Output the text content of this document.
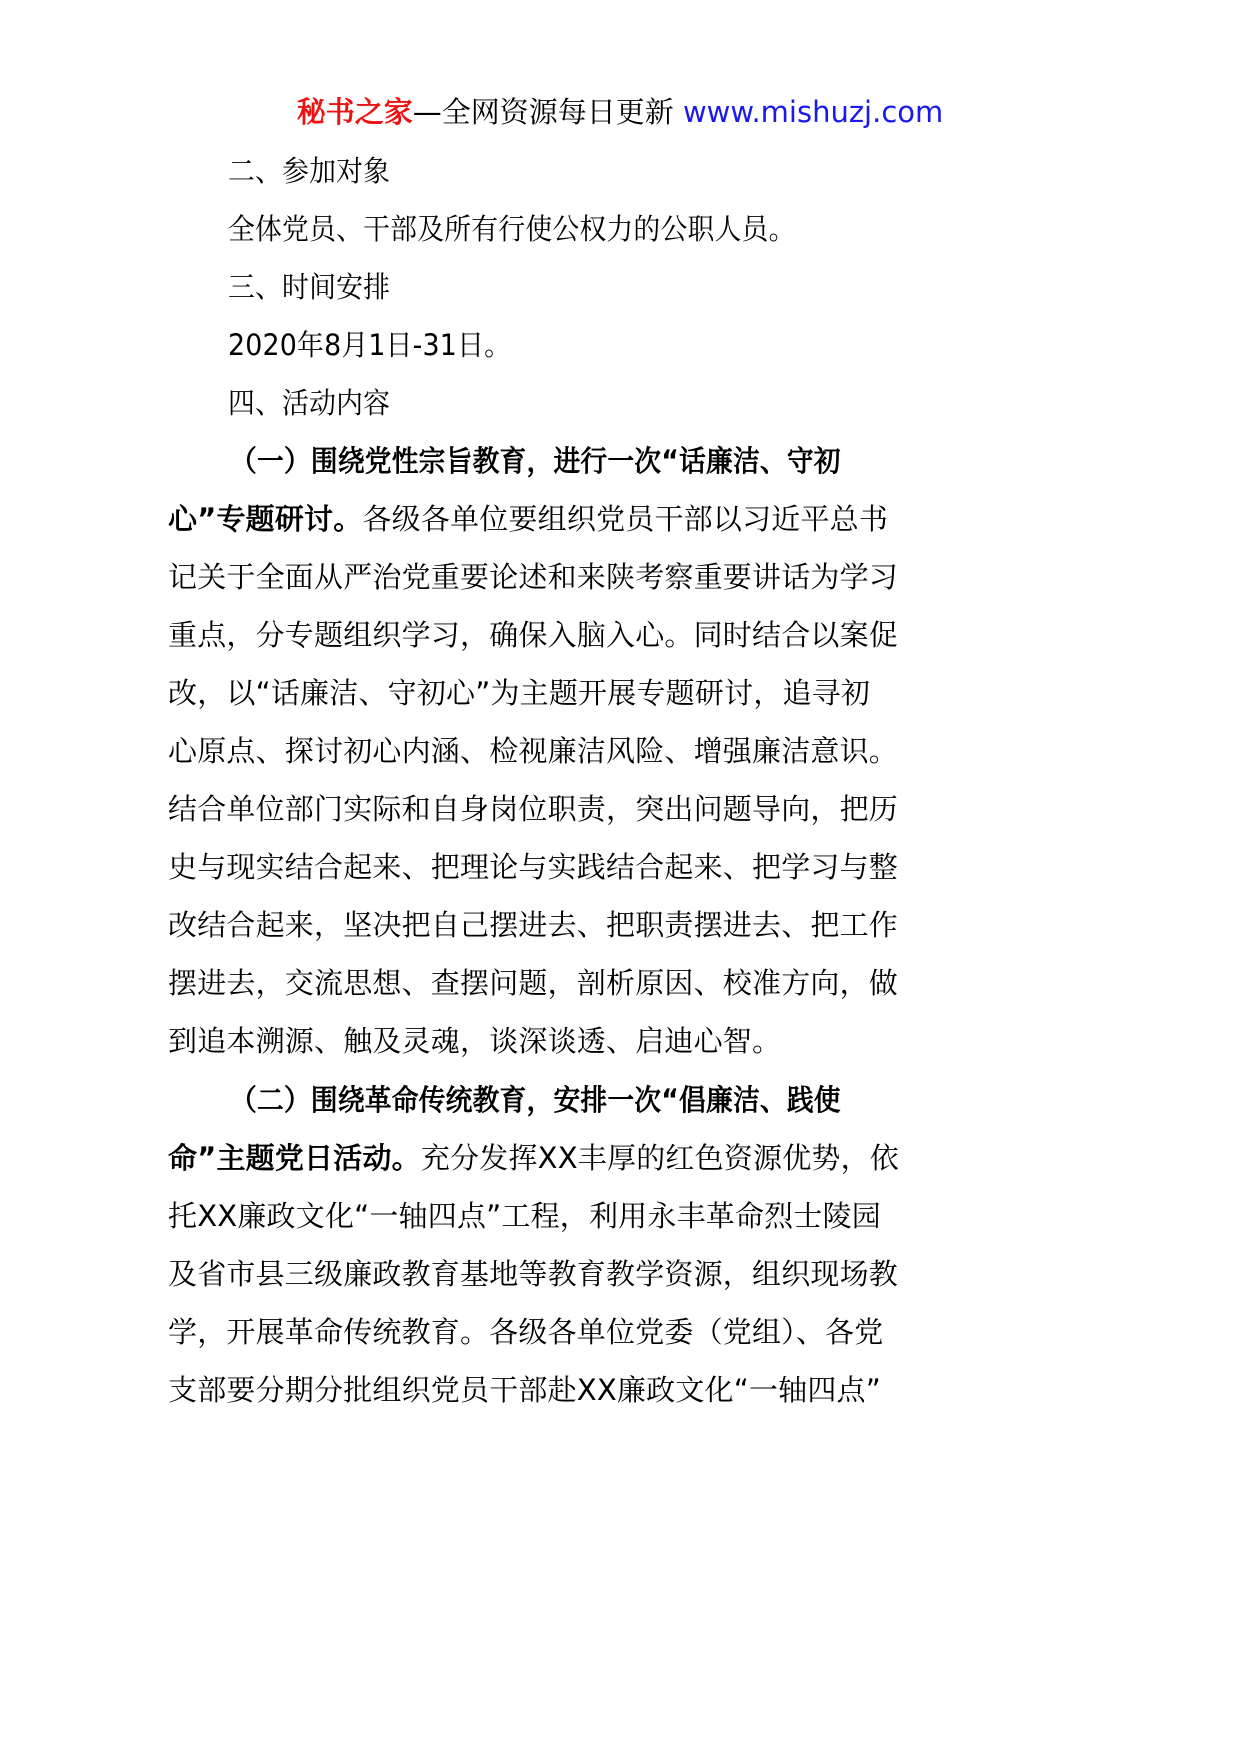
秘书之家—全网资源每日更新 www.mishuzj.com
二、参加对象
全体党员、干部及所有行使公权力的公职人员。
三、时间安排
2020年8月1日-31日。
四、活动内容
（一）围绕党性宗旨教育，进行一次“话廉洁、守初
心”专题研讨。各级各单位要组织党员干部以习近平总书
记关于全面从严治党重要论述和来陕考察重要讲话为学习
重点，分专题组织学习，确保入脑入心。同时结合以案促
改，以“话廉洁、守初心”为主题开展专题研讨，追寻初
心原点、探讨初心内涵、检视廉洁风险、增强廉洁意识。
结合单位部门实际和自身岗位职责，突出问题导向，把历
史与现实结合起来、把理论与实践结合起来、把学习与整
改结合起来，坚决把自己摆进去、把职责摆进去、把工作
摆进去，交流思想、查摆问题，剖析原因、校准方向，做
到追本溯源、触及灵魂，谈深谈透、启迪心智。
（二）围绕革命传统教育，安排一次“倡廉洁、践使
命”主题党日活动。充分发挥XX丰厚的红色资源优势，依
托XX廉政文化“一轴四点”工程，利用永丰革命烈士陵园
及省市县三级廉政教育基地等教育教学资源，组织现场教
学，开展革命传统教育。各级各单位党委（党组）、各党
支部要分期分批组织党员干部赴XX廉政文化“一轴四点”
